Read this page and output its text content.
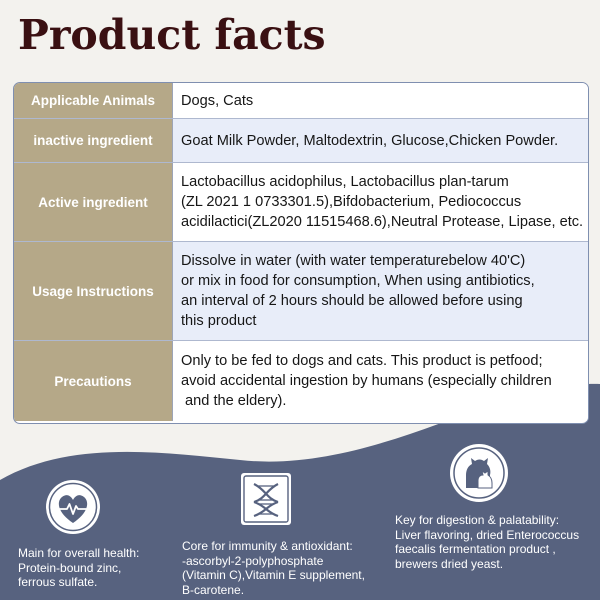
Product facts
Applicable Animals	Dogs, Cats
inactive ingredient	Goat Milk Powder, Maltodextrin, Glucose,Chicken Powder.
Active ingredient
Lactobacillus acidophilus, Lactobacillus plan-tarum
(ZL 2021 1 0733301.5),Bifdobacterium, Pediococcus
acidilactici(ZL2020 11515468.6),Neutral Protease, Lipase, etc.
Usage Instructions
Dissolve in water (with water temperaturebelow 40'C)
or mix in food for consumption, When using antibiotics,
an interval of 2 hours should be allowed before using
this product
Precautions
Only to be fed to dogs and cats. This product is petfood;
avoid accidental ingestion by humans (especially children
and the eldery).
Main for overall health:
Protein-bound zinc,
ferrous sulfate.
Core for immunity & antioxidant:
-ascorbyl-2-polyphosphate
(Vitamin C),Vitamin E supplement,
B-carotene.
Key for digestion & palatability:
Liver flavoring, dried Enterococcus
faecalis fermentation product ,
brewers dried yeast.
